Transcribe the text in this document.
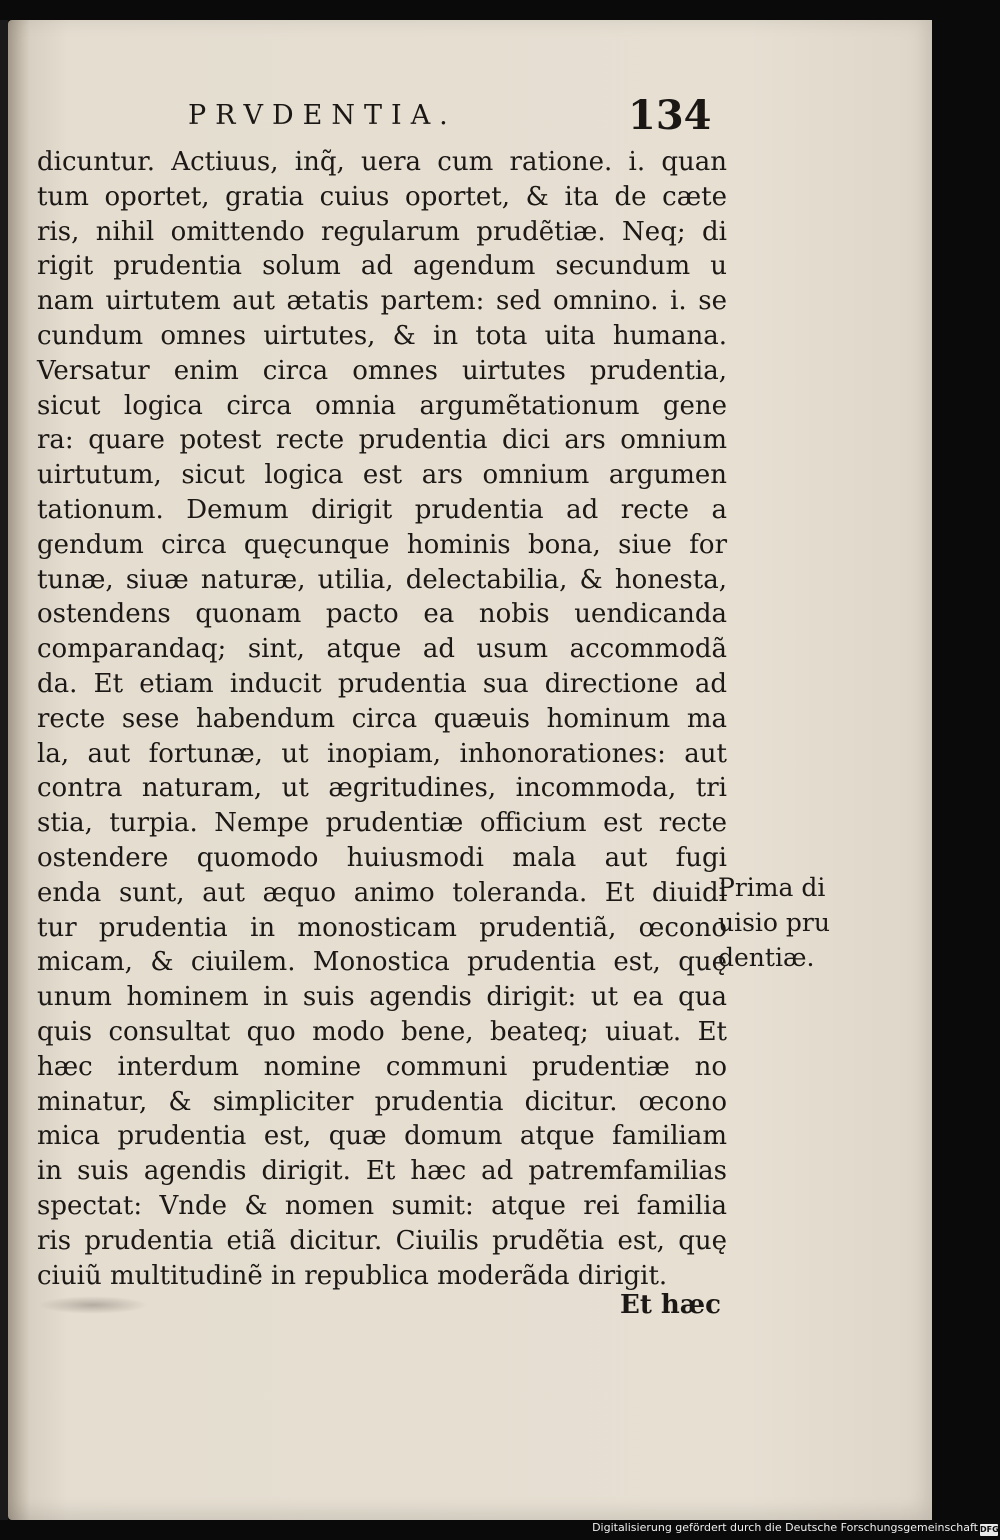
PRVDENTIA.	134
dicuntur. Actiuus, inq̃, uera cum ratione. i. quan
tum oportet, gratia cuius oportet, & ita de cæte
ris, nihil omittendo regularum prudẽtiæ. Neq; di
rigit prudentia solum ad agendum secundum u
nam uirtutem aut ætatis partem: sed omnino. i. se
cundum omnes uirtutes, & in tota uita humana.
Versatur enim circa omnes uirtutes prudentia,
sicut logica circa omnia argumẽtationum gene
ra: quare potest recte prudentia dici ars omnium
uirtutum, sicut logica est ars omnium argumen
tationum. Demum dirigit prudentia ad recte a
gendum circa quęcunque hominis bona, siue for
tunæ, siuæ naturæ, utilia, delectabilia, & honesta,
ostendens quonam pacto ea nobis uendicanda
comparandaq; sint, atque ad usum accommodã
da. Et etiam inducit prudentia sua directione ad
recte sese habendum circa quæuis hominum ma
la, aut fortunæ, ut inopiam, inhonorationes: aut
contra naturam, ut ægritudines, incommoda, tri
stia, turpia. Nempe prudentiæ officium est recte
ostendere quomodo huiusmodi mala aut fugi
enda sunt, aut æquo animo toleranda. Et diuidi
tur prudentia in monosticam prudentiã, œcono
micam, & ciuilem. Monostica prudentia est, quę
unum hominem in suis agendis dirigit: ut ea qua
quis consultat quo modo bene, beateq; uiuat. Et
hæc interdum nomine communi prudentiæ no
minatur, & simpliciter prudentia dicitur. œcono
mica prudentia est, quæ domum atque familiam
in suis agendis dirigit. Et hæc ad patremfamilias
spectat: Vnde & nomen sumit: atque rei familia
ris prudentia etiã dicitur. Ciuilis prudẽtia est, quę
ciuiũ multitudinẽ in republica moderãda dirigit.
Prima di
uisio pru
dentiæ.
Et hæc
Digitalisierung gefördert durch die Deutsche Forschungsgemeinschaft DFG
